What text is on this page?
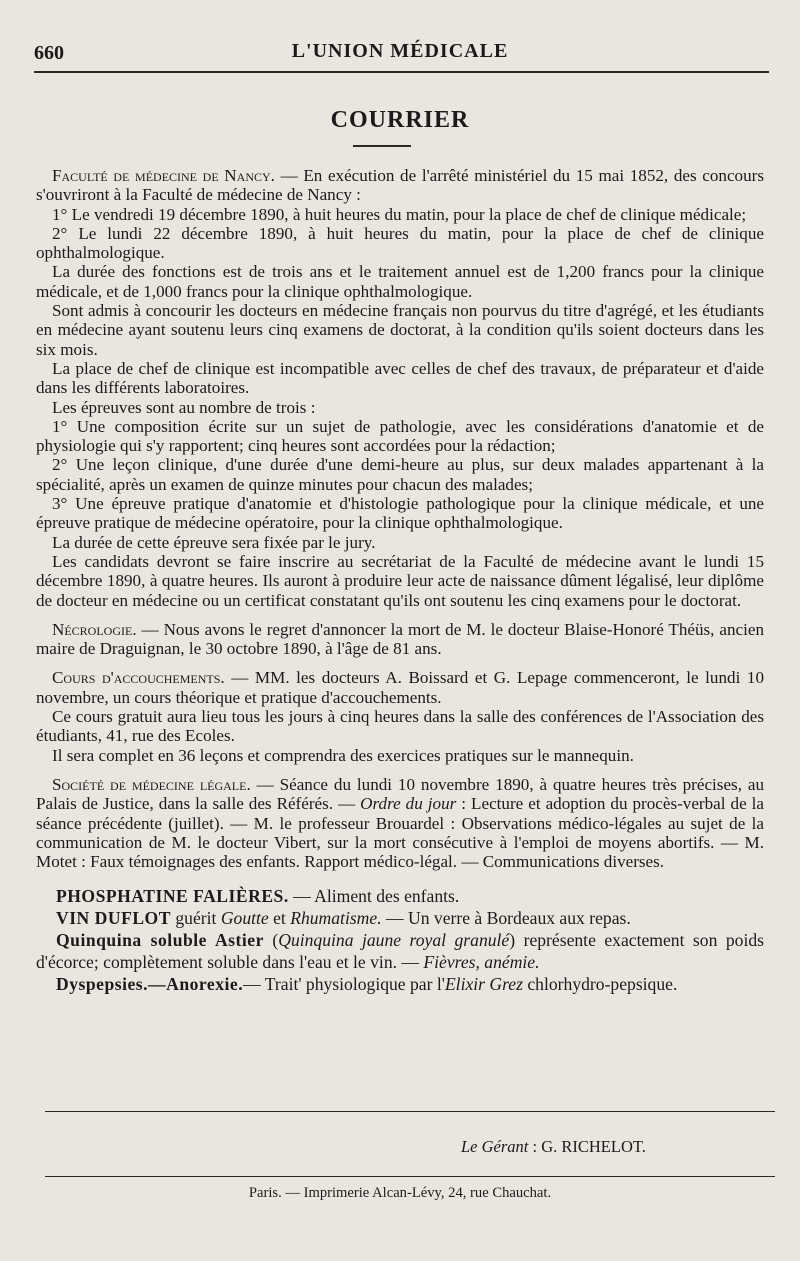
660	L'UNION MÉDICALE
COURRIER

Faculté de médecine de Nancy. — En exécution de l'arrêté ministériel du 15 mai 1852, des concours s'ouvriront à la Faculté de médecine de Nancy :

1° Le vendredi 19 décembre 1890, à huit heures du matin, pour la place de chef de clinique médicale;

2° Le lundi 22 décembre 1890, à huit heures du matin, pour la place de chef de clinique ophthalmologique.

La durée des fonctions est de trois ans et le traitement annuel est de 1,200 francs pour la clinique médicale, et de 1,000 francs pour la clinique ophthalmologique.

Sont admis à concourir les docteurs en médecine français non pourvus du titre d'agrégé, et les étudiants en médecine ayant soutenu leurs cinq examens de doctorat, à la condition qu'ils soient docteurs dans les six mois.

La place de chef de clinique est incompatible avec celles de chef des travaux, de préparateur et d'aide dans les différents laboratoires.

Les épreuves sont au nombre de trois :

1° Une composition écrite sur un sujet de pathologie, avec les considérations d'anatomie et de physiologie qui s'y rapportent; cinq heures sont accordées pour la rédaction;

2° Une leçon clinique, d'une durée d'une demi-heure au plus, sur deux malades appartenant à la spécialité, après un examen de quinze minutes pour chacun des malades;

3° Une épreuve pratique d'anatomie et d'histologie pathologique pour la clinique médicale, et une épreuve pratique de médecine opératoire, pour la clinique ophthalmologique.

La durée de cette épreuve sera fixée par le jury.

Les candidats devront se faire inscrire au secrétariat de la Faculté de médecine avant le lundi 15 décembre 1890, à quatre heures. Ils auront à produire leur acte de naissance dûment légalisé, leur diplôme de docteur en médecine ou un certificat constatant qu'ils ont soutenu les cinq examens pour le doctorat.

Nécrologie. — Nous avons le regret d'annoncer la mort de M. le docteur Blaise-Honoré Théüs, ancien maire de Draguignan, le 30 octobre 1890, à l'âge de 81 ans.

Cours d'accouchements. — MM. les docteurs A. Boissard et G. Lepage commenceront, le lundi 10 novembre, un cours théorique et pratique d'accouchements.

Ce cours gratuit aura lieu tous les jours à cinq heures dans la salle des conférences de l'Association des étudiants, 41, rue des Ecoles.

Il sera complet en 36 leçons et comprendra des exercices pratiques sur le mannequin.

Société de médecine légale. — Séance du lundi 10 novembre 1890, à quatre heures très précises, au Palais de Justice, dans la salle des Référés. — Ordre du jour : Lecture et adoption du procès-verbal de la séance précédente (juillet). — M. le professeur Brouardel : Observations médico-légales au sujet de la communication de M. le docteur Vibert, sur la mort consécutive à l'emploi de moyens abortifs. — M. Motet : Faux témoignages des enfants. Rapport médico-légal. — Communications diverses.

PHOSPHATINE FALIÈRES. — Aliment des enfants.

VIN DUFLOT guérit Goutte et Rhumatisme. — Un verre à Bordeaux aux repas.

Quinquina soluble Astier (Quinquina jaune royal granulé) représente exactement son poids d'écorce; complètement soluble dans l'eau et le vin. — Fièvres, anémie.

Dyspepsies.—Anorexie.— Trait' physiologique par l'Elixir Grez chlorhydro-pepsique.

Le Gérant : G. RICHELOT.
Paris. — Imprimerie Alcan-Lévy, 24, rue Chauchat.
